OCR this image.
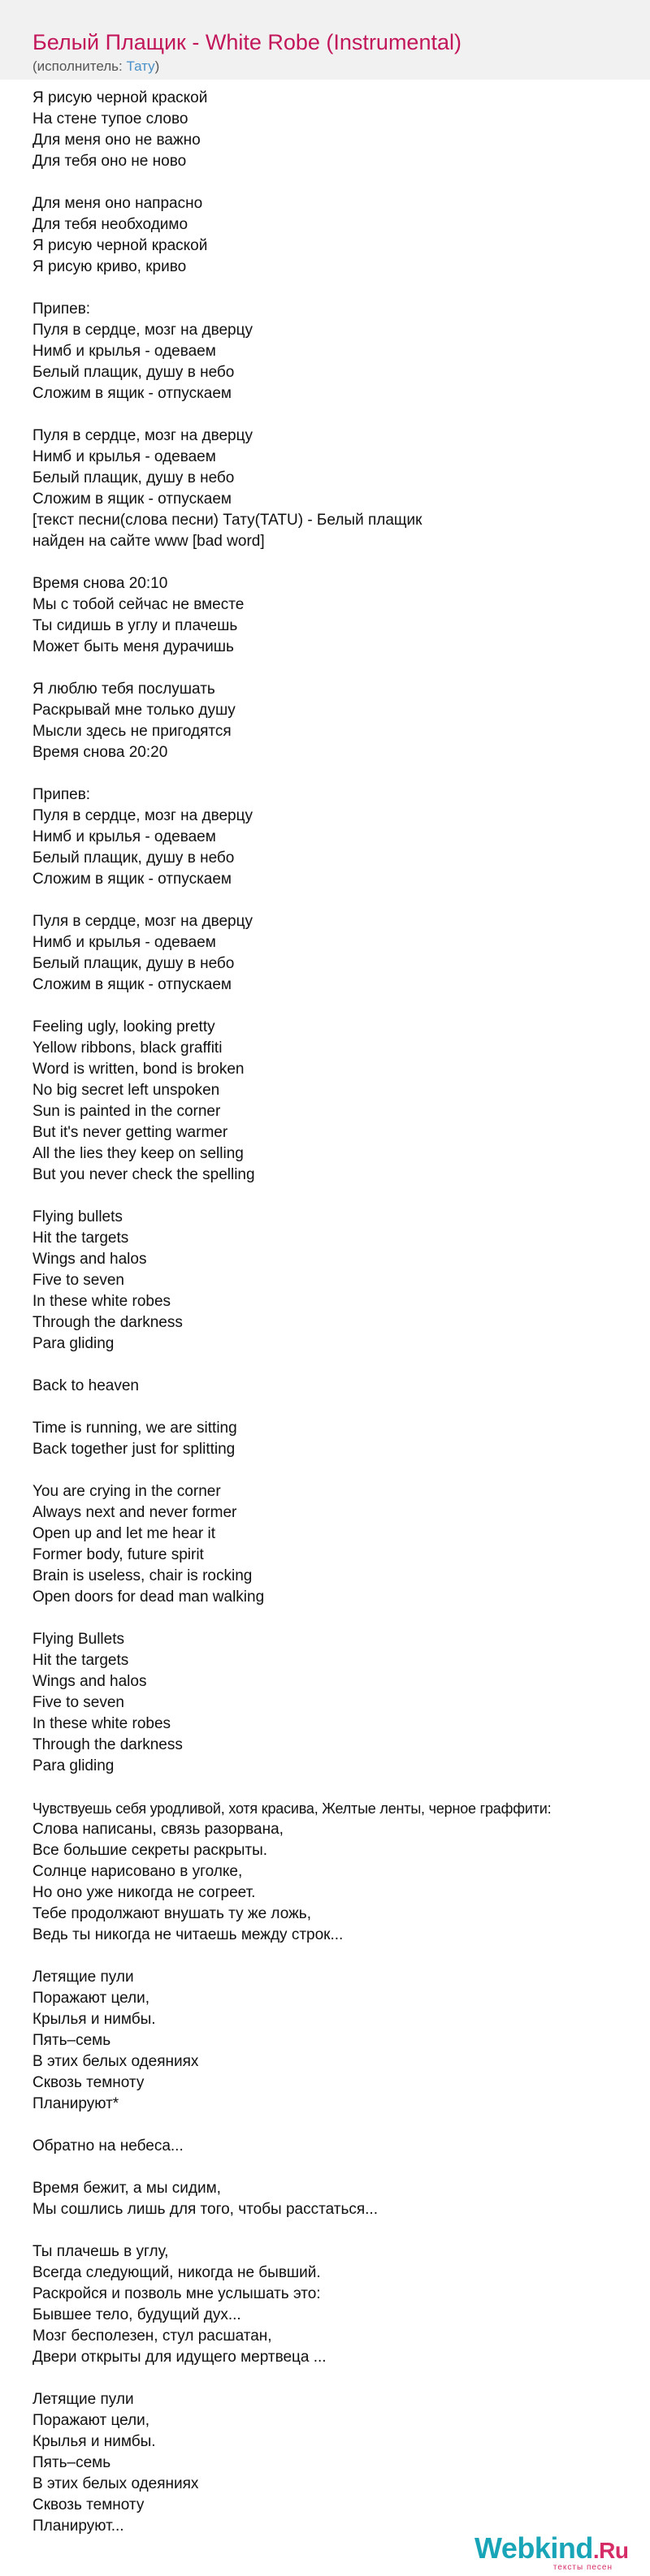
Белый Плащик - White Robe (Instrumental)
(исполнитель: Тату)
Я рисую черной краской
На стене тупое слово
Для меня оно не важно
Для тебя оно не ново
Для меня оно напрасно
Для тебя необходимо
Я рисую черной краской
Я рисую криво, криво
Припев:
Пуля в сердце, мозг на дверцу
Нимб и крылья - одеваем
Белый плащик, душу в небо
Сложим в ящик - отпускаем
Пуля в сердце, мозг на дверцу
Нимб и крылья - одеваем
Белый плащик, душу в небо
Сложим в ящик - отпускаем
[текст песни(слова песни) Тату(TATU) - Белый плащик
найден на сайте www [bad word]
Время снова 20:10
Мы с тобой сейчас не вместе
Ты сидишь в углу и плачешь
Может быть меня дурачишь
Я люблю тебя послушать
Раскрывай мне только душу
Мысли здесь не пригодятся
Время снова 20:20
Припев:
Пуля в сердце, мозг на дверцу
Нимб и крылья - одеваем
Белый плащик, душу в небо
Сложим в ящик - отпускаем
Пуля в сердце, мозг на дверцу
Нимб и крылья - одеваем
Белый плащик, душу в небо
Сложим в ящик - отпускаем
Feeling ugly, looking pretty
Yellow ribbons, black graffiti
Word is written, bond is broken
No big secret left unspoken
Sun is painted in the corner
But it's never getting warmer
All the lies they keep on selling
But you never check the spelling
Flying bullets
Hit the targets
Wings and halos
Five to seven
In these white robes
Through the darkness
Para gliding
Back to heaven
Time is running, we are sitting
Back together just for splitting
You are crying in the corner
Always next and never former
Open up and let me hear it
Former body, future spirit
Brain is useless, chair is rocking
Open doors for dead man walking
Flying Bullets
Hit the targets
Wings and halos
Five to seven
In these white robes
Through the darkness
Para gliding
Чувствуешь себя уродливой, хотя красива, Желтые ленты, черное граффити:
Слова написаны, связь разорвана,
Все большие секреты раскрыты.
Солнце нарисовано в уголке,
Но оно уже никогда не согреет.
Тебе продолжают внушать ту же ложь,
Ведь ты никогда не читаешь между строк...
Летящие пули
Поражают цели,
Крылья и нимбы.
Пять–семь
В этих белых одеяниях
Сквозь темноту
Планируют*
Обратно на небеса...
Время бежит, а мы сидим,
Мы сошлись лишь для того, чтобы расстаться...
Ты плачешь в углу,
Всегда следующий, никогда не бывший.
Раскройся и позволь мне услышать это:
Бывшее тело, будущий дух...
Мозг бесполезен, стул расшатан,
Двери открыты для идущего мертвеца ...
Летящие пули
Поражают цели,
Крылья и нимбы.
Пять–семь
В этих белых одеяниях
Сквозь темноту
Планируют...
Webkind.Ru
тексты песен
